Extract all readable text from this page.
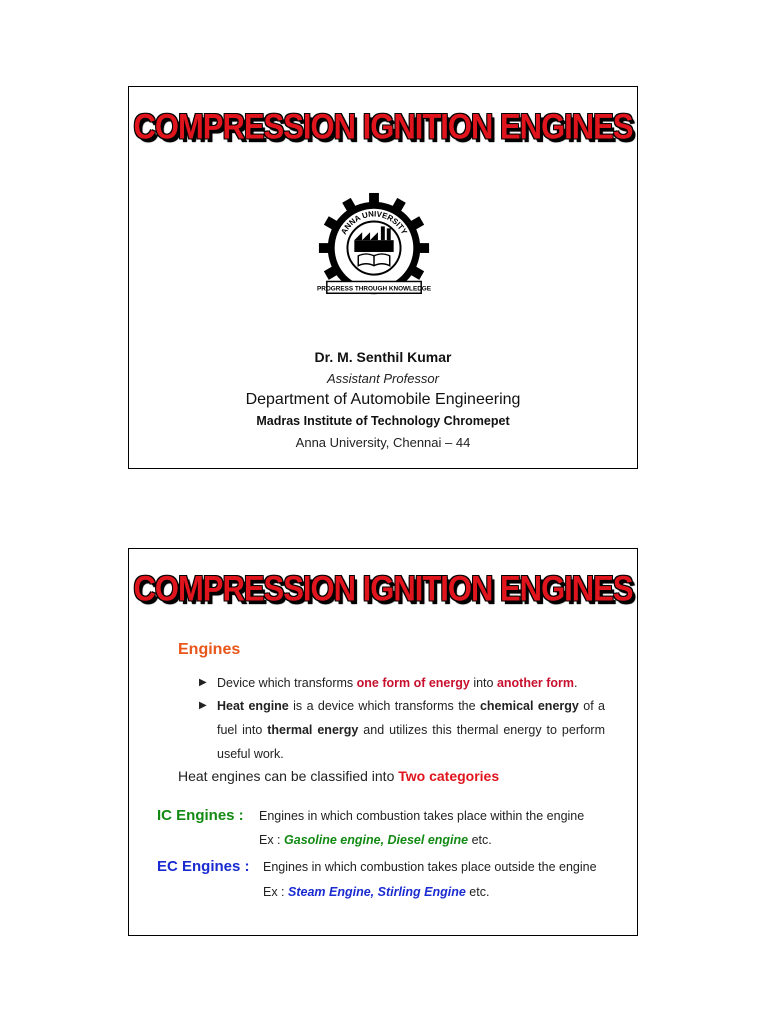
COMPRESSION IGNITION ENGINES
PROGRESS THROUGH KNOWLEDGE
ANNA UNIVERSITY
Dr. M. Senthil Kumar
Assistant Professor
Department of Automobile Engineering
Madras Institute of Technology Chromepet
Anna University, Chennai – 44
COMPRESSION IGNITION ENGINES
Engines
▶ Device which transforms one form of energy into another form.
▶ Heat engine is a device which transforms the chemical energy of a fuel into thermal energy and utilizes this thermal energy to perform useful work.
Heat engines can be classified into Two categories
IC Engines : Engines in which combustion takes place within the engine
Ex : Gasoline engine, Diesel engine etc.
EC Engines : Engines in which combustion takes place outside the engine
Ex : Steam Engine, Stirling Engine etc.
